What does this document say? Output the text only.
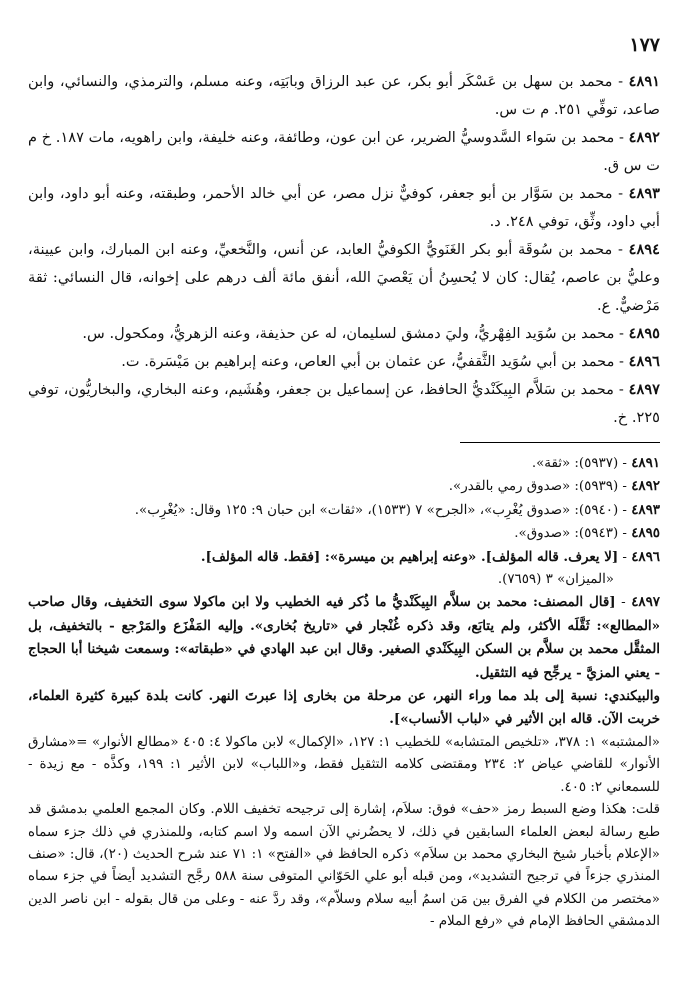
١٧٧

٤٨٩١ - محمد بن سهل بن عَسْكَر أبو بكر، عن عبد الرزاق وبابَتِه، وعنه مسلم، والترمذي، والنسائي، وابن صاعد، توفِّي ٢٥١. م ت س.

٤٨٩٢ - محمد بن سَواء السَّدوسيُّ الضرير، عن ابن عون، وطائفة، وعنه خليفة، وابن راهويه، مات ١٨٧. خ م ت س ق.

٤٨٩٣ - محمد بن سَوَّار بن أبو جعفر، كوفيٌّ نزل مصر، عن أبي خالد الأحمر، وطبقته، وعنه أبو داود، وابن أبي داود، وثِّق، توفي ٢٤٨. د.

٤٨٩٤ - محمد بن سُوقَة أبو بكر الغَنَويُّ الكوفيُّ العابد، عن أنس، والنَّخعيِّ، وعنه ابن المبارك، وابن عيينة، وعليُّ بن عاصم، يُقال: كان لا يُحسِنُ أن يَعْصيَ الله، أنفق مائة ألف درهم على إخوانه، قال النسائي: ثقة مَرْضيٌّ. ع.

٤٨٩٥ - محمد بن سُوَيد الفِهْريُّ، وليَ دمشق لسليمان، له عن حذيفة، وعنه الزهريُّ، ومكحول. س.

٤٨٩٦ - محمد بن أبي سُوَيد الثَّقفيُّ، عن عثمان بن أبي العاص، وعنه إبراهيم بن مَيْسَرة. ت.

٤٨٩٧ - محمد بن سَلاَّم البِيكَنْديُّ الحافظ، عن إسماعيل بن جعفر، وهُشَيم، وعنه البخاري، والبخاريُّون، توفي ٢٢٥. خ.

٤٨٩١ - (٥٩٣٧): «ثقة».

٤٨٩٢ - (٥٩٣٩): «صدوق رمي بالقدر».

٤٨٩٣ - (٥٩٤٠): «صدوق يُغْرِب»، «الجرح» ٧ (١٥٣٣)، «ثقات» ابن حبان ٩: ١٢٥ وقال: «يُغْرِب».

٤٨٩٥ - (٥٩٤٣): «صدوق».

٤٨٩٦ - [لا يعرف. قاله المؤلف]. «وعنه إبراهيم بن ميسرة»: [فقط. قاله المؤلف].

«الميزان» ٣ (٧٦٥٩).

٤٨٩٧ - [قال المصنف: محمد بن سلاَّم البِيكَنْديُّ ما ذُكر فيه الخطيب ولا ابن ماكولا سوى التخفيف، وقال صاحب «المطالع»: ثَقَّلَه الأكثر، ولم يتابَع، وقد ذكره غُنْجار في «تاريخ بُخارى». وإليه المَفْزَع والمَرْجع - بالتخفيف، بل المثقَّل محمد بن سلاَّم بن السكن البِيكَنْدي الصغير. وقال ابن عبد الهادي في «طبقاته»: وسمعت شيخنا أبا الحجاج - يعني المزيَّ - يرجِّح فيه التثقيل.

والبيكندي: نسبة إلى بلد مما وراء النهر، عن مرحلة من بخارى إذا عبرتَ النهر. كانت بلدة كبيرة كثيرة العلماء، خربت الآن. قاله ابن الأثير في «لباب الأنساب»].

«المشتبه» ١: ٣٧٨، «تلخيص المتشابه» للخطيب ١: ١٢٧، «الإكمال» لابن ماكولا ٤: ٤٠٥ «مطالع الأنوار» =«مشارق الأنوار» للقاضي عياض ٢: ٢٣٤ ومقتضى كلامه التثقيل فقط، و«اللباب» لابن الأثير ١: ١٩٩، وكذَّه - مع زيدة - للسمعاني ٢: ٤٠٥.

قلت: هكذا وضع السبط رمز «حف» فوق: سلاَم، إشارة إلى ترجيحه تخفيف اللام. وكان المجمع العلمي بدمشق قد طبع رسالة لبعض العلماء السابقين في ذلك، لا يحضُرني الآن اسمه ولا اسم كتابه، وللمنذري في ذلك جزء سماه «الإعلام بأخبار شيخ البخاري محمد بن سلاَم» ذكره الحافظ في «الفتح» ١: ٧١ عند شرح الحديث (٢٠)، قال: «صنف المنذري جزءاً في ترجيح التشديد»، ومن قبله أبو علي الحَوّاني المتوفى سنة ٥٨٨ رجَّح التشديد أيضاً في جزء سماه «مختصر من الكلام في الفرق بين مَن اسمُ أبيه سلام وسلاّم»، وقد ردَّ عنه - وعلى من قال بقوله - ابن ناصر الدين الدمشقي الحافظ الإمام في «رفع الملام -
